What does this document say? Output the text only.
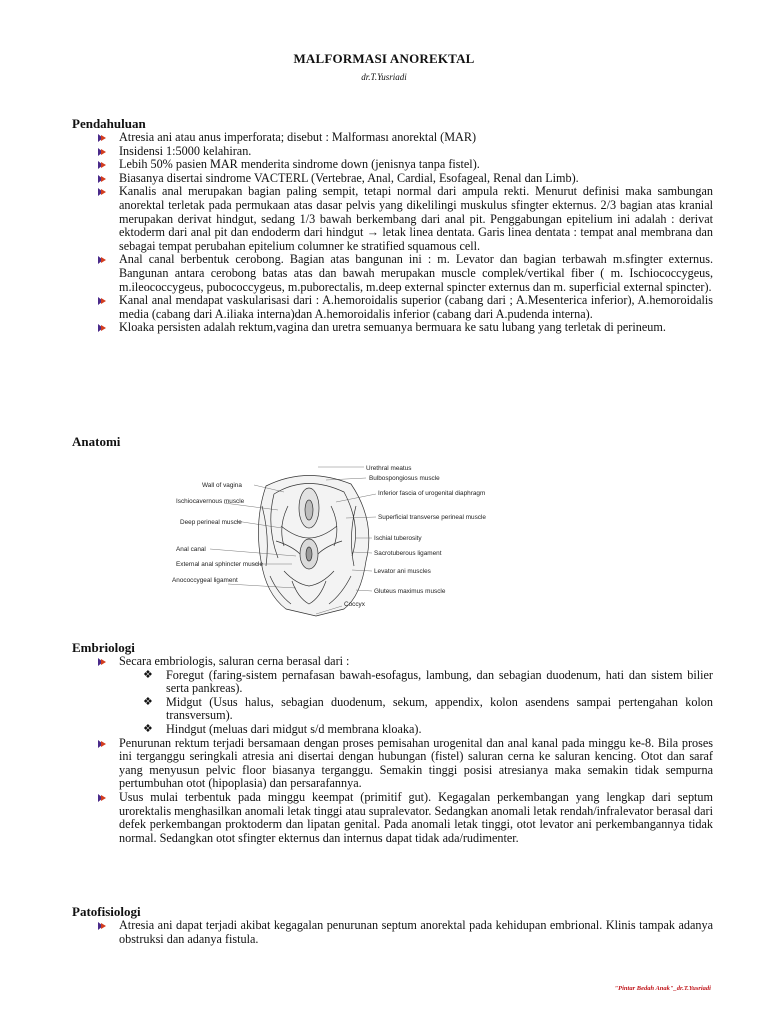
MALFORMASI ANOREKTAL
dr.T.Yusriadi
Pendahuluan
Atresia ani atau anus imperforata; disebut : Malforması anorektal (MAR)
Insidensi 1:5000 kelahiran.
Lebih 50% pasien MAR menderita sindrome down (jenisnya tanpa fistel).
Biasanya disertai sindrome VACTERL (Vertebrae, Anal, Cardial, Esofageal, Renal dan Limb).
Kanalis anal merupakan bagian paling sempit, tetapi normal dari ampula rekti. Menurut definisi maka sambungan anorektal terletak pada permukaan atas dasar pelvis yang dikelilingi muskulus sfingter ekternus. 2/3 bagian atas kranial merupakan derivat hindgut, sedang 1/3 bawah berkembang dari anal pit. Penggabungan epitelium ini adalah : derivat ektoderm dari anal pit dan endoderm dari hindgut → letak linea dentata. Garis linea dentata : tempat anal membrana dan sebagai tempat perubahan epitelium columner ke stratified squamous cell.
Anal canal berbentuk cerobong. Bagian atas bangunan ini : m. Levator dan bagian terbawah m.sfingter externus. Bangunan antara cerobong batas atas dan bawah merupakan muscle complek/vertikal fiber ( m. Ischiococcygeus, m.ileococcygeus, pubococcygeus, m.puborectalis, m.deep external spincter externus dan m. superficial external spincter).
Kanal anal mendapat vaskularisasi dari : A.hemoroidalis superior (cabang dari ; A.Mesenterica inferior), A.hemoroidalis media (cabang dari A.iliaka interna)dan A.hemoroidalis inferior (cabang dari A.pudenda interna).
Kloaka persisten adalah rektum,vagina dan uretra semuanya bermuara ke satu lubang yang terletak di perineum.
Anatomi
Wall of vagina
Ischiocavernous muscle
Deep perineal muscle
Anal canal
External anal sphincter muscle
Anococcygeal ligament
Urethral meatus
Bulbospongiosus muscle
Inferior fascia of urogenital diaphragm
Superficial transverse perineal muscle
Ischial tuberosity
Sacrotuberous ligament
Levator ani muscles
Gluteus maximus muscle
Coccyx
Embriologi
Secara embriologis, saluran cerna berasal dari :
❖ Foregut (faring-sistem pernafasan bawah-esofagus, lambung, dan sebagian duodenum, hati dan sistem bilier serta pankreas).
❖ Midgut (Usus halus, sebagian duodenum, sekum, appendix, kolon asendens sampai pertengahan kolon transversum).
❖ Hindgut (meluas dari midgut s/d membrana kloaka).
Penurunan rektum terjadi bersamaan dengan proses pemisahan urogenital dan anal kanal pada minggu ke-8. Bila proses ini terganggu seringkali atresia ani disertai dengan hubungan (fistel) saluran cerna ke saluran kencing. Otot dan saraf yang menyusun pelvic floor biasanya terganggu. Semakin tinggi posisi atresianya maka semakin tidak sempurna pertumbuhan otot (hipoplasia) dan persarafannya.
Usus mulai terbentuk pada minggu keempat (primitif gut). Kegagalan perkembangan yang lengkap dari septum urorektalis menghasilkan anomali letak tinggi atau supralevator. Sedangkan anomali letak rendah/infralevator berasal dari defek perkembangan proktoderm dan lipatan genital. Pada anomali letak tinggi, otot levator ani perkembangannya tidak normal. Sedangkan otot sfingter ekternus dan internus dapat tidak ada/rudimenter.
Patofisiologi
Atresia ani dapat terjadi akibat kegagalan penurunan septum anorektal pada kehidupan embrional. Klinis tampak adanya obstruksi dan adanya fistula.
"Pintar Bedah Anak"_dr.T.Yusriadi
